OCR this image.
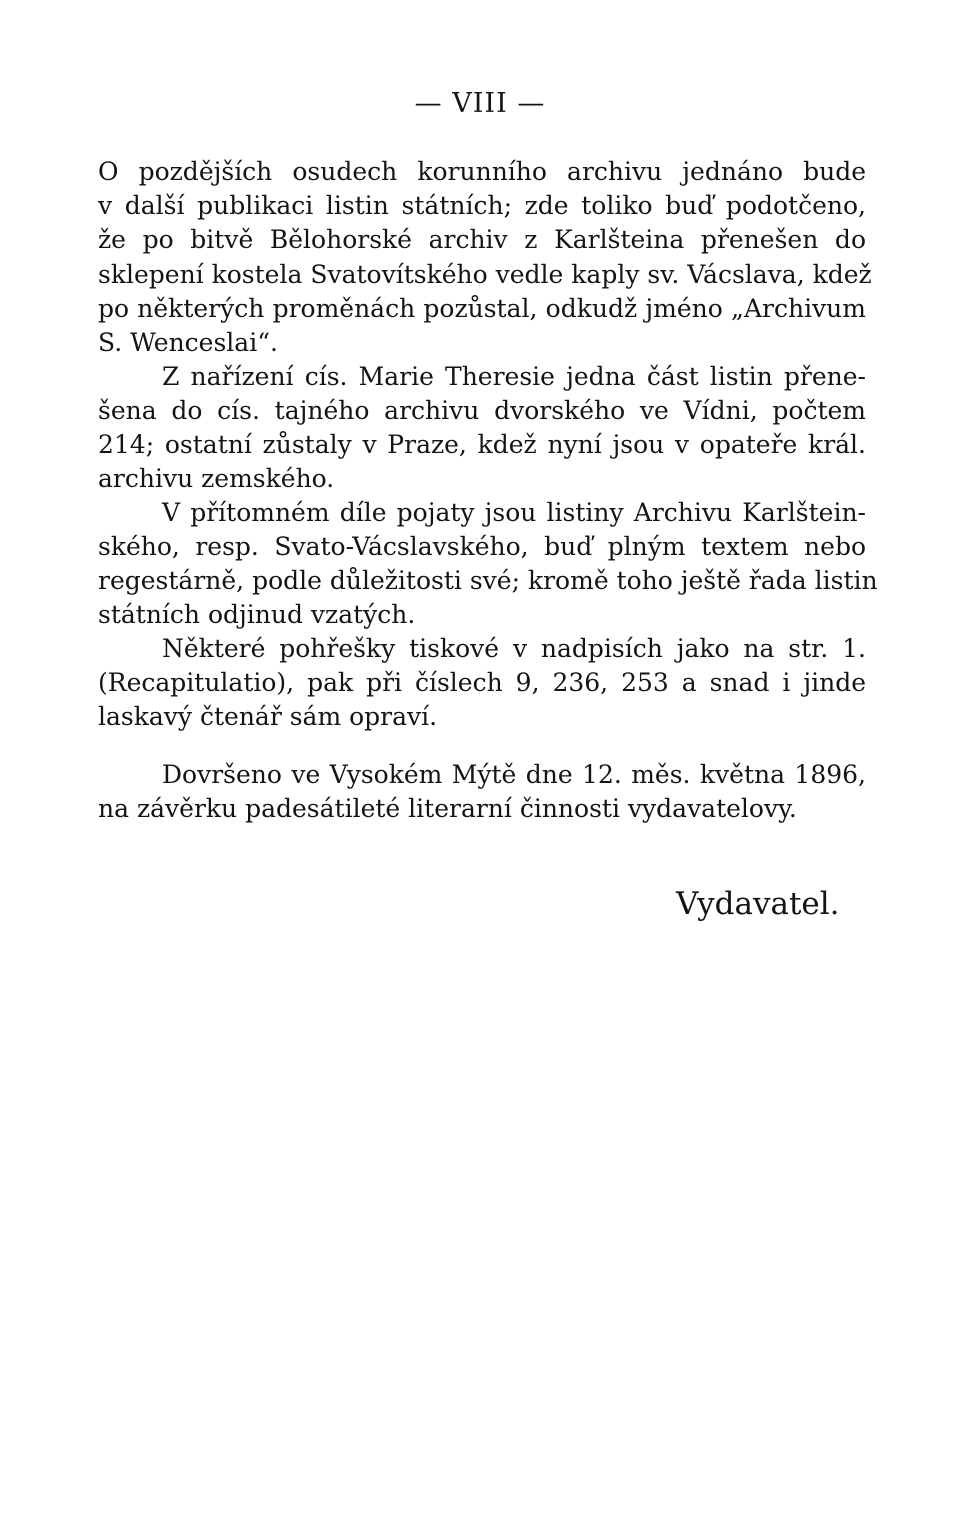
— VIII —
O pozdějších osudech korunního archivu jednáno bude
v další publikaci listin státních; zde toliko buď podotčeno,
že po bitvě Bělohorské archiv z Karlšteina přenešen do
sklepení kostela Svatovítského vedle kaply sv. Vácslava, kdež
po některých proměnách pozůstal, odkudž jméno „Archivum
S. Wenceslai“.
Z nařízení cís. Marie Theresie jedna část listin přene-
šena do cís. tajného archivu dvorského ve Vídni, počtem
214; ostatní zůstaly v Praze, kdež nyní jsou v opateře král.
archivu zemského.
V přítomném díle pojaty jsou listiny Archivu Karlštein-
ského, resp. Svato-Vácslavského, buď plným textem nebo
regestárně, podle důležitosti své; kromě toho ještě řada listin
státních odjinud vzatých.
Některé pohřešky tiskové v nadpisích jako na str. 1.
(Recapitulatio), pak při číslech 9, 236, 253 a snad i jinde
laskavý čtenář sám opraví.
Dovršeno ve Vysokém Mýtě dne 12. měs. května 1896,
na závěrku padesátileté literarní činnosti vydavatelovy.
Vydavatel.
